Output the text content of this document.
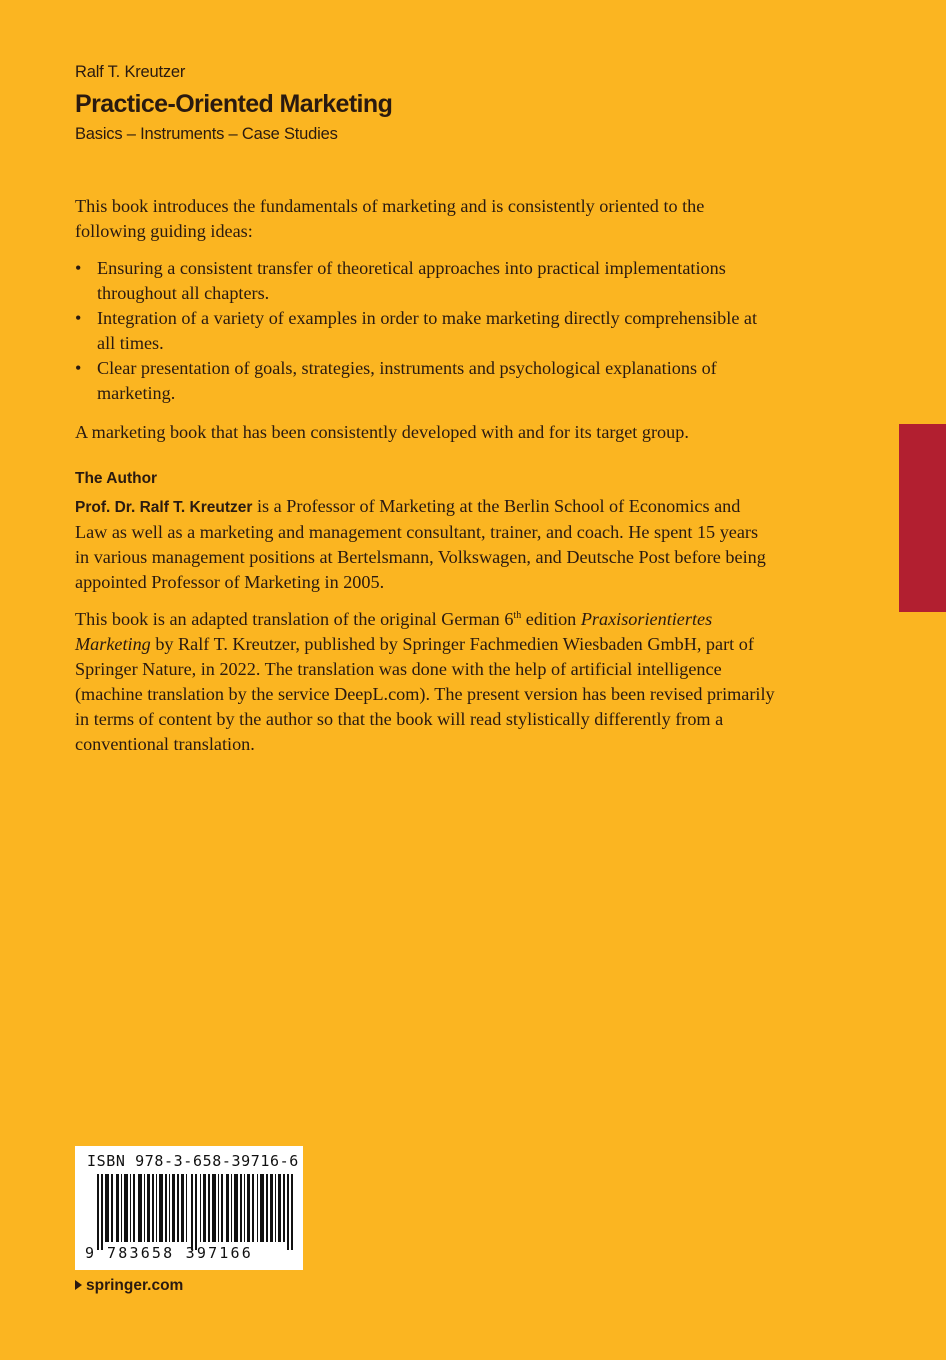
Ralf T. Kreutzer
Practice-Oriented Marketing
Basics – Instruments – Case Studies
This book introduces the fundamentals of marketing and is consistently oriented to the following guiding ideas:
• Ensuring a consistent transfer of theoretical approaches into practical implementations throughout all chapters.
• Integration of a variety of examples in order to make marketing directly comprehensible at all times.
• Clear presentation of goals, strategies, instruments and psychological explanations of marketing.
A marketing book that has been consistently developed with and for its target group.
The Author
Prof. Dr. Ralf T. Kreutzer is a Professor of Marketing at the Berlin School of Economics and Law as well as a marketing and management consultant, trainer, and coach. He spent 15 years in various management positions at Bertelsmann, Volkswagen, and Deutsche Post before being appointed Professor of Marketing in 2005.
This book is an adapted translation of the original German 6th edition Praxisorientiertes Marketing by Ralf T. Kreutzer, published by Springer Fachmedien Wiesbaden GmbH, part of Springer Nature, in 2022. The translation was done with the help of artificial intelligence (machine translation by the service DeepL.com). The present version has been revised primarily in terms of content by the author so that the book will read stylistically differently from a conventional translation.
ISBN 978-3-658-39716-6
9 783658 397166
springer.com
